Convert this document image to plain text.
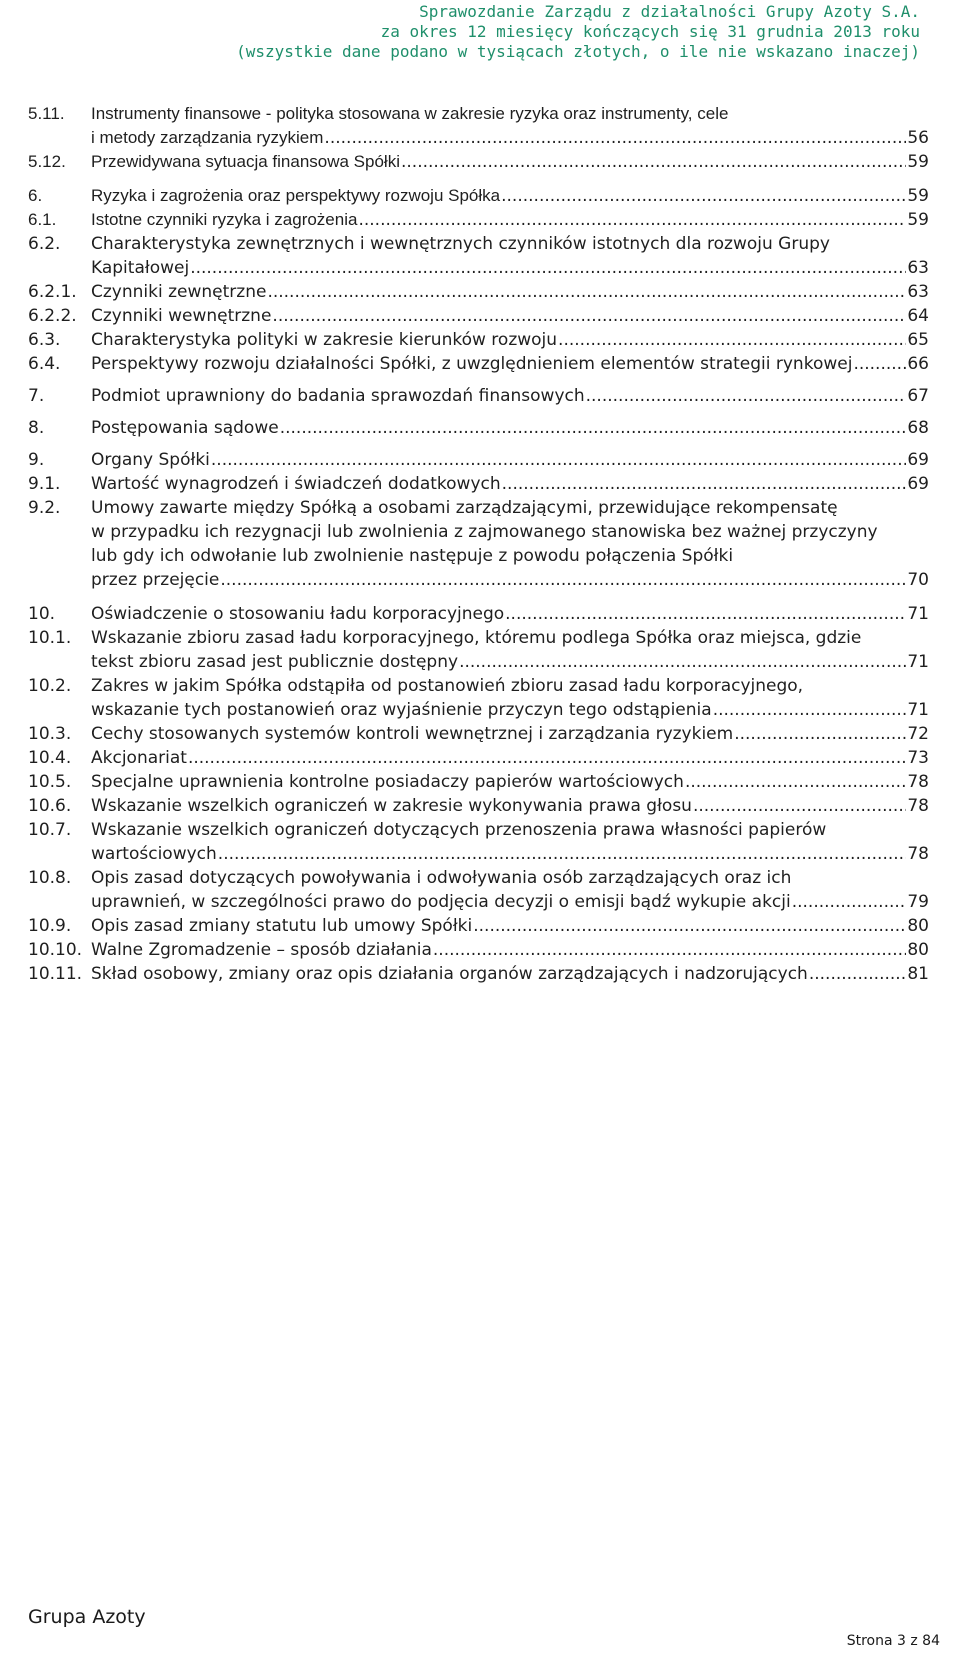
Sprawozdanie Zarządu z działalności Grupy Azoty S.A.
za okres 12 miesięcy kończących się 31 grudnia 2013 roku
(wszystkie dane podano w tysiącach złotych, o ile nie wskazano inaczej)
5.11. Instrumenty finansowe - polityka stosowana w zakresie ryzyka oraz instrumenty, cele
i metody zarządzania ryzykiem .....	56
5.12. Przewidywana sytuacja finansowa Spółki .....	59
6.	Ryzyka i zagrożenia oraz perspektywy rozwoju Spółka .....	59
6.1. Istotne czynniki ryzyka i zagrożenia .....	59
6.2. Charakterystyka zewnętrznych i wewnętrznych czynników istotnych dla rozwoju Grupy
Kapitałowej .....	63
6.2.1. Czynniki zewnętrzne .....	63
6.2.2. Czynniki wewnętrzne .....	64
6.3. Charakterystyka polityki w zakresie kierunków rozwoju .....	65
6.4. Perspektywy rozwoju działalności Spółki, z uwzględnieniem elementów strategii rynkowej .....	66
7.	Podmiot uprawniony do badania sprawozdań finansowych .....	67
8.	Postępowania sądowe .....	68
9.	Organy Spółki .....	69
9.1. Wartość wynagrodzeń i świadczeń dodatkowych .....	69
9.2. Umowy zawarte między Spółką a osobami zarządzającymi, przewidujące rekompensatę
w przypadku ich rezygnacji lub zwolnienia z zajmowanego stanowiska bez ważnej przyczyny
lub gdy ich odwołanie lub zwolnienie następuje z powodu połączenia Spółki
przez przejęcie .....	70
10. Oświadczenie o stosowaniu ładu korporacyjnego .....	71
10.1. Wskazanie zbioru zasad ładu korporacyjnego, któremu podlega Spółka oraz miejsca, gdzie
tekst zbioru zasad jest publicznie dostępny .....	71
10.2. Zakres w jakim Spółka odstąpiła od postanowień zbioru zasad ładu korporacyjnego,
wskazanie tych postanowień oraz wyjaśnienie przyczyn tego odstąpienia .....	71
10.3. Cechy stosowanych systemów kontroli wewnętrznej i zarządzania ryzykiem .....	72
10.4. Akcjonariat .....	73
10.5. Specjalne uprawnienia kontrolne posiadaczy papierów wartościowych .....	78
10.6. Wskazanie wszelkich ograniczeń w zakresie wykonywania prawa głosu .....	78
10.7. Wskazanie wszelkich ograniczeń dotyczących przenoszenia prawa własności papierów
wartościowych .....	78
10.8. Opis zasad dotyczących powoływania i odwoływania osób zarządzających oraz ich
uprawnień, w szczególności prawo do podjęcia decyzji o emisji bądź wykupie akcji .....	79
10.9. Opis zasad zmiany statutu lub umowy Spółki .....	80
10.10. Walne Zgromadzenie – sposób działania .....	80
10.11. Skład osobowy, zmiany oraz opis działania organów zarządzających i nadzorujących .....	81
Grupa Azoty
Strona 3 z 84
